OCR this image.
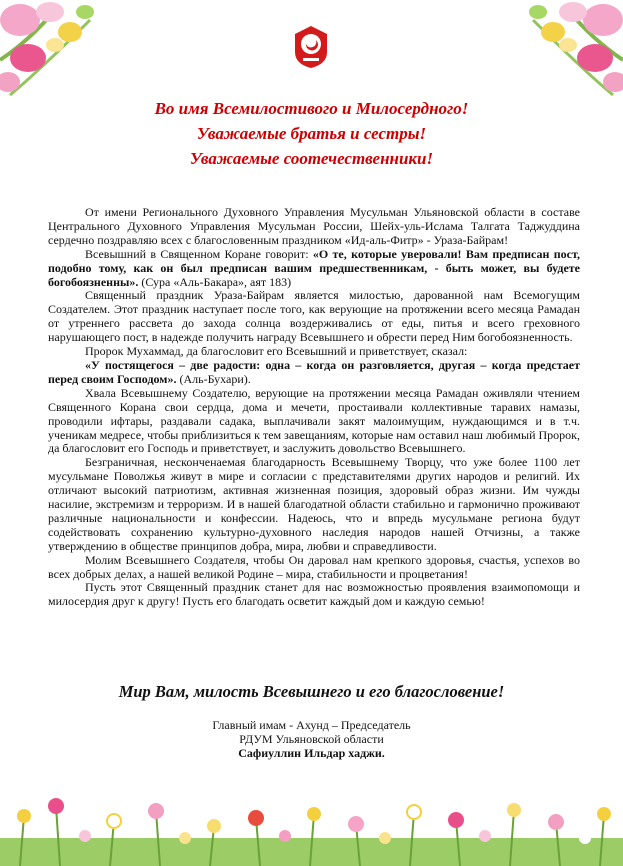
Во имя Всемилостивого и Милосердного!
Уважаемые братья и сестры!
Уважаемые соотечественники!

От имени Регионального Духовного Управления Мусульман Ульяновской области в составе Центрального Духовного Управления Мусульман России, Шейх-уль-Ислама Талгата Таджуддина сердечно поздравляю всех с благословенным праздником «Ид-аль-Фитр» - Ураза-Байрам!

Всевышний в Священном Коране говорит: «О те, которые уверовали! Вам предписан пост, подобно тому, как он был предписан вашим предшественникам, - быть может, вы будете богобоязненны». (Сура «Аль-Бакара», аят 183)

Священный праздник Ураза-Байрам является милостью, дарованной нам Всемогущим Создателем. Этот праздник наступает после того, как верующие на протяжении всего месяца Рамадан от утреннего рассвета до захода солнца воздерживались от еды, питья и всего греховного нарушающего пост, в надежде получить награду Всевышнего и обрести перед Ним богобоязненность.

Пророк Мухаммад, да благословит его Всевышний и приветствует, сказал:

«У постящегося – две радости: одна – когда он разговляется, другая – когда предстает перед своим Господом». (Аль-Бухари).

Хвала Всевышнему Создателю, верующие на протяжении месяца Рамадан оживляли чтением Священного Корана свои сердца, дома и мечети, простаивали коллективные таравих намазы, проводили ифтары, раздавали садака, выплачивали закят малоимущим, нуждающимся и в т.ч. ученикам медресе, чтобы приблизиться к тем завещаниям, которые нам оставил наш любимый Пророк, да благословит его Господь и приветствует, и заслужить довольство Всевышнего.

Безграничная, несконченаемая благодарность Всевышнему Творцу, что уже более 1100 лет мусульмане Поволжья живут в мире и согласии с представителями других народов и религий. Их отличают высокий патриотизм, активная жизненная позиция, здоровый образ жизни. Им чужды насилие, экстремизм и терроризм. И в нашей благодатной области стабильно и гармонично проживают различные национальности и конфессии. Надеюсь, что и впредь мусульмане региона будут содействовать сохранению культурно-духовного наследия народов нашей Отчизны, а также утверждению в обществе принципов добра, мира, любви и справедливости.

Молим Всевышнего Создателя, чтобы Он даровал нам крепкого здоровья, счастья, успехов во всех добрых делах, а нашей великой Родине – мира, стабильности и процветания!

Пусть этот Священный праздник станет для нас возможностью проявления взаимопомощи и милосердия друг к другу! Пусть его благодать осветит каждый дом и каждую семью!

Мир Вам, милость Всевышнего и его благословение!
Главный имам - Ахунд – Председатель
РДУМ Ульяновской области
Сафиуллин Ильдар хаджи.
